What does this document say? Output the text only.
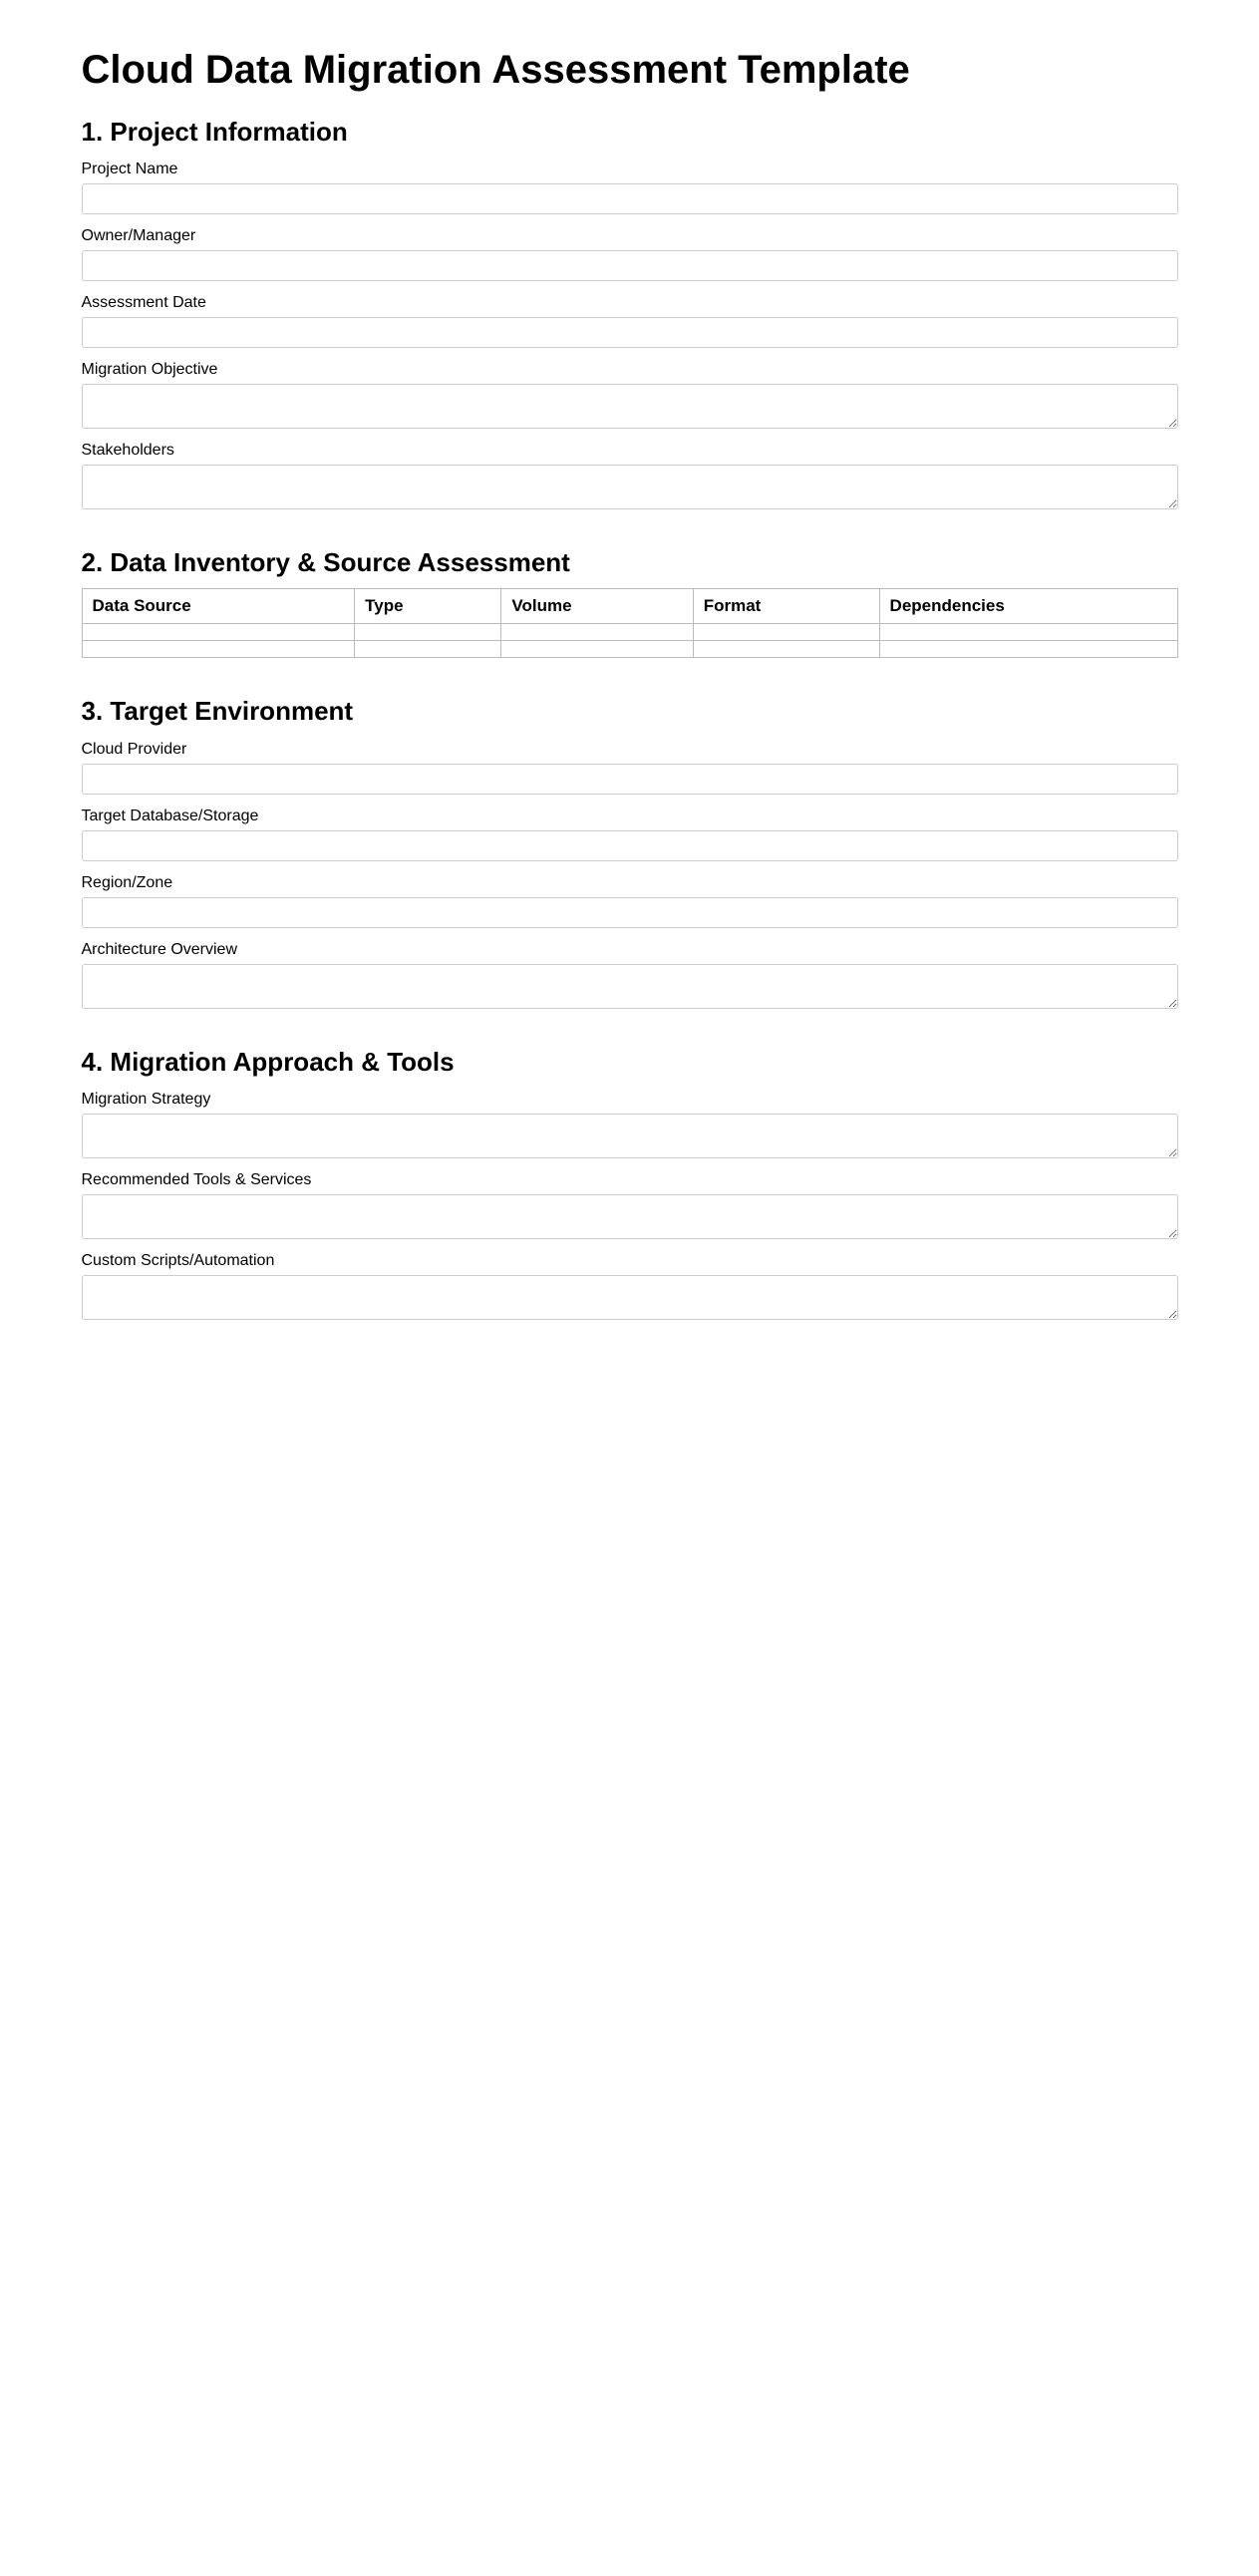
Cloud Data Migration Assessment Template
1. Project Information
Project Name
Owner/Manager
Assessment Date
Migration Objective
Stakeholders
2. Data Inventory & Source Assessment
Data Source	Type	Volume	Format	Dependencies

3. Target Environment
Cloud Provider
Target Database/Storage
Region/Zone
Architecture Overview
4. Migration Approach & Tools
Migration Strategy
Recommended Tools & Services
Custom Scripts/Automation
